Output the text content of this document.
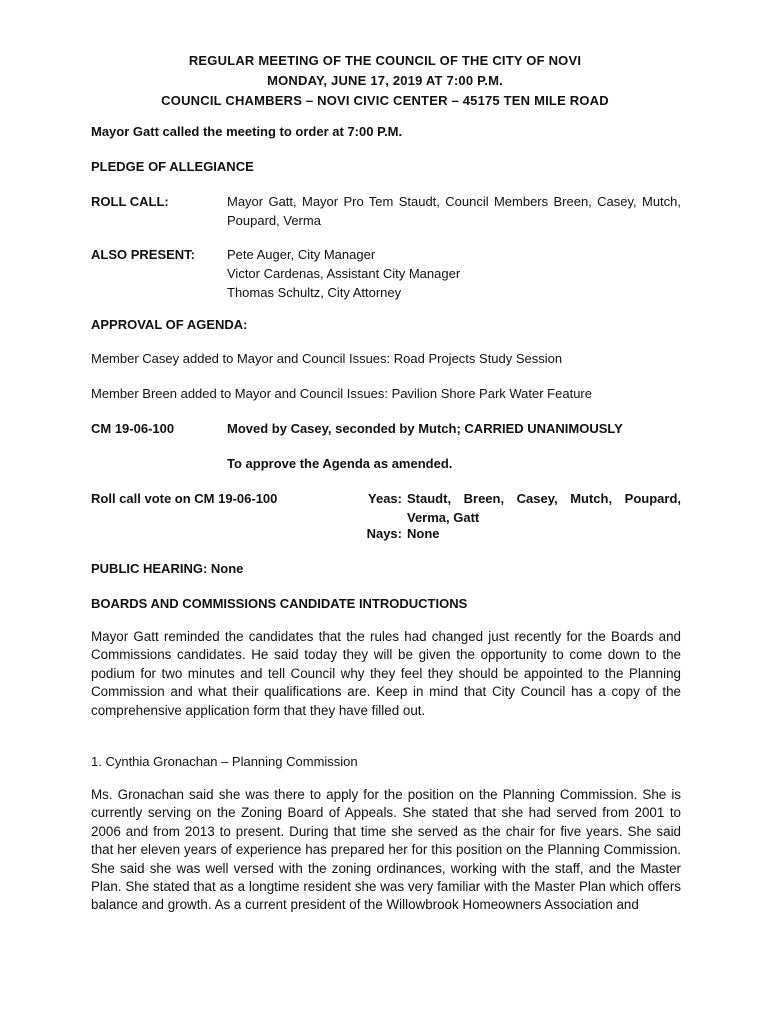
REGULAR MEETING OF THE COUNCIL OF THE CITY OF NOVI
MONDAY, JUNE 17, 2019 AT 7:00 P.M.
COUNCIL CHAMBERS – NOVI CIVIC CENTER – 45175 TEN MILE ROAD
Mayor Gatt called the meeting to order at 7:00 P.M.
PLEDGE OF ALLEGIANCE
ROLL CALL:	Mayor Gatt, Mayor Pro Tem Staudt, Council Members Breen, Casey, Mutch, Poupard, Verma
ALSO PRESENT: Pete Auger, City Manager
Victor Cardenas, Assistant City Manager
Thomas Schultz, City Attorney
APPROVAL OF AGENDA:
Member Casey added to Mayor and Council Issues: Road Projects Study Session
Member Breen added to Mayor and Council Issues: Pavilion Shore Park Water Feature
CM 19-06-100	Moved by Casey, seconded by Mutch; CARRIED UNANIMOUSLY
To approve the Agenda as amended.
Roll call vote on CM 19-06-100	Yeas: Staudt, Breen, Casey, Mutch, Poupard, Verma, Gatt
Nays: None
PUBLIC HEARING: None
BOARDS AND COMMISSIONS CANDIDATE INTRODUCTIONS
Mayor Gatt reminded the candidates that the rules had changed just recently for the Boards and Commissions candidates. He said today they will be given the opportunity to come down to the podium for two minutes and tell Council why they feel they should be appointed to the Planning Commission and what their qualifications are. Keep in mind that City Council has a copy of the comprehensive application form that they have filled out.
1. Cynthia Gronachan – Planning Commission
Ms. Gronachan said she was there to apply for the position on the Planning Commission. She is currently serving on the Zoning Board of Appeals. She stated that she had served from 2001 to 2006 and from 2013 to present. During that time she served as the chair for five years. She said that her eleven years of experience has prepared her for this position on the Planning Commission. She said she was well versed with the zoning ordinances, working with the staff, and the Master Plan. She stated that as a longtime resident she was very familiar with the Master Plan which offers balance and growth. As a current president of the Willowbrook Homeowners Association and
